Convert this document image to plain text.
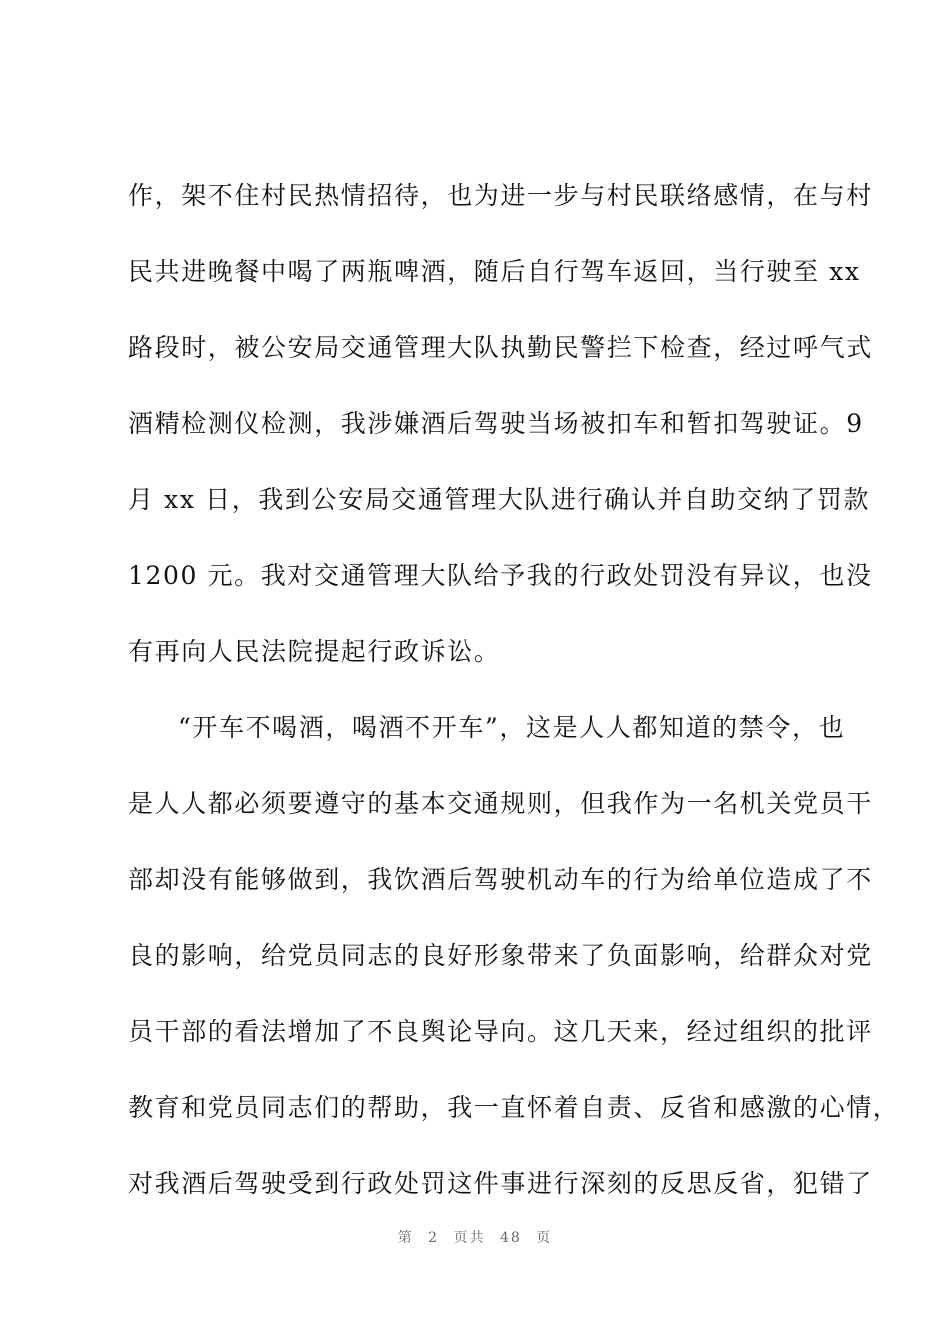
作，架不住村民热情招待，也为进一步与村民联络感情，在与村
民共进晚餐中喝了两瓶啤酒，随后自行驾车返回，当行驶至 xx
路段时，被公安局交通管理大队执勤民警拦下检查，经过呼气式
酒精检测仪检测，我涉嫌酒后驾驶当场被扣车和暂扣驾驶证。9
月 xx 日，我到公安局交通管理大队进行确认并自助交纳了罚款
1200 元。我对交通管理大队给予我的行政处罚没有异议，也没
有再向人民法院提起行政诉讼。
“开车不喝酒，喝酒不开车”，这是人人都知道的禁令，也
是人人都必须要遵守的基本交通规则，但我作为一名机关党员干
部却没有能够做到，我饮酒后驾驶机动车的行为给单位造成了不
良的影响，给党员同志的良好形象带来了负面影响，给群众对党
员干部的看法增加了不良舆论导向。这几天来，经过组织的批评
教育和党员同志们的帮助，我一直怀着自责、反省和感激的心情，
对我酒后驾驶受到行政处罚这件事进行深刻的反思反省，犯错了
第 2 页共 48 页
